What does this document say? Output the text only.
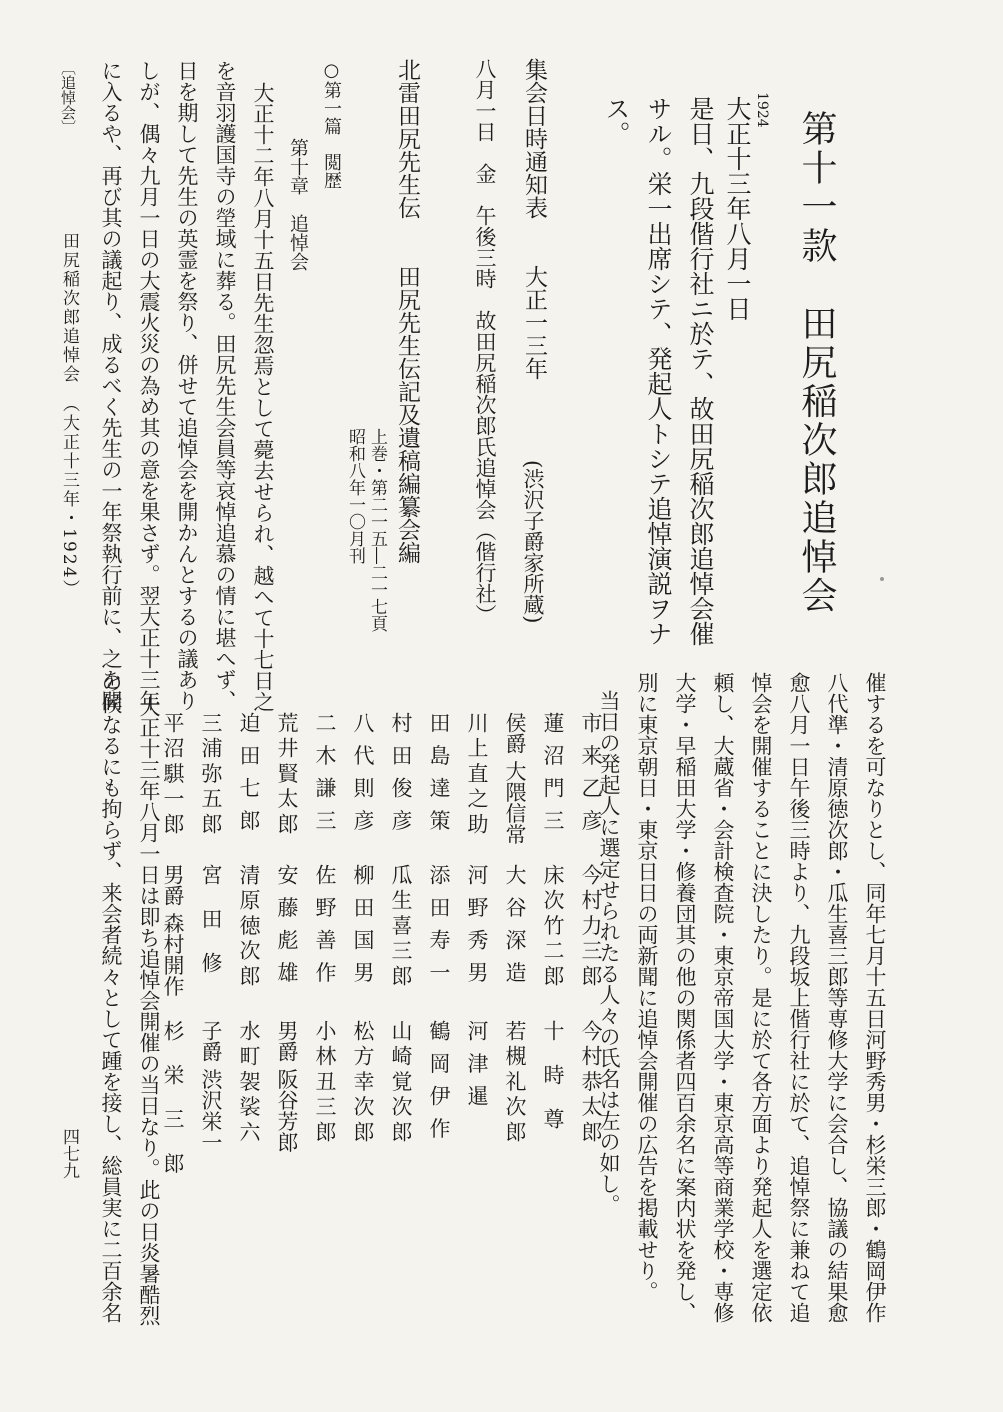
第十一款　田尻稲次郎追悼会
1924
大正十三年八月一日
是日、九段偕行社ニ於テ、故田尻稲次郎追悼会催
サル。栄一出席シテ、発起人トシテ追悼演説ヲナ
ス。
集会日時通知表　　大正一三年
(渋沢子爵家所蔵)
八月一日　金　午後三時　故田尻稲次郎氏追悼会（偕行社）
北雷田尻先生伝　　田尻先生伝記及遺稿編纂会編
上巻・第二一五―二一七頁
昭和八年一〇月刊
○第一篇　閲歴
第十章　追悼会
大正十二年八月十五日先生忽焉として薨去せられ、越へて十七日之
を音羽護国寺の塋域に葬る。田尻先生会員等哀悼追慕の情に堪へず、
日を期して先生の英霊を祭り、併せて追悼会を開かんとするの議あり
しが、偶々九月一日の大震火災の為め其の意を果さず。翌大正十三年
に入るや、再び其の議起り、成るべく先生の一年祭執行前に、之を開
催するを可なりとし、同年七月十五日河野秀男・杉栄三郎・鶴岡伊作
八代準・清原徳次郎・瓜生喜三郎等専修大学に会合し、協議の結果愈
愈八月一日午後三時より、九段坂上偕行社に於て、追悼祭に兼ねて追
悼会を開催することに決したり。是に於て各方面より発起人を選定依
頼し、大蔵省・会計検査院・東京帝国大学・東京高等商業学校・専修
大学・早稲田大学・修養団其の他の関係者四百余名に案内状を発し、
別に東京朝日・東京日日の両新聞に追悼会開催の広告を掲載せり。
当日の発起人に選定せられたる人々の氏名は左の如し。
市来乙彦
今村力三郎
今村恭太郎
蓮沼門三
床次竹二郎
十時尊
侯爵 大隈信常
大谷深造
若槻礼次郎
川上直之助
河野秀男
河津暹
田島達策
添田寿一
鶴岡伊作
村田俊彦
瓜生喜三郎
山崎覚次郎
八代則彦
柳田国男
松方幸次郎
二木謙三
佐野善作
小林丑三郎
荒井賢太郎
安藤彪雄
男爵 阪谷芳郎
迫田七郎
清原徳次郎
水町袈裟六
三浦弥五郎
宮田修
子爵 渋沢栄一
平沼騏一郎
男爵 森村開作
杉栄三郎
大正十三年八月一日は即ち追悼会開催の当日なり。此の日炎暑酷烈
の候なるにも拘らず、来会者続々として踵を接し、総員実に二百余名
〔追悼会〕
田尻稲次郎追悼会　（大正十三年・1924）
四七九
